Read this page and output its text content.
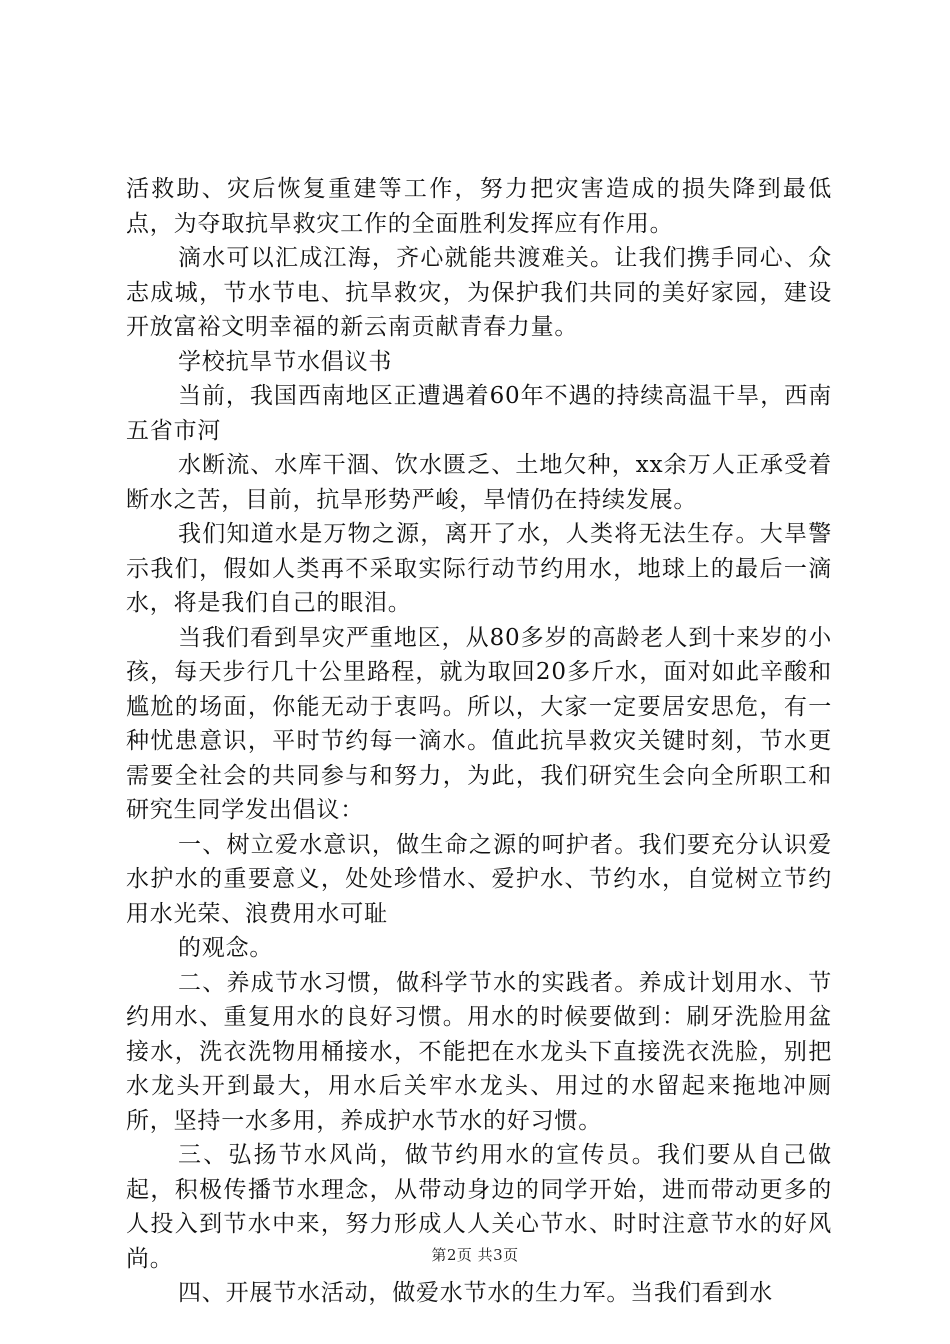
活救助、灾后恢复重建等工作，努力把灾害造成的损失降到最低点，为夺取抗旱救灾工作的全面胜利发挥应有作用。

滴水可以汇成江海，齐心就能共渡难关。让我们携手同心、众志成城，节水节电、抗旱救灾，为保护我们共同的美好家园，建设开放富裕文明幸福的新云南贡献青春力量。

学校抗旱节水倡议书

当前，我国西南地区正遭遇着60年不遇的持续高温干旱，西南五省市河

水断流、水库干涸、饮水匮乏、土地欠种，xx余万人正承受着断水之苦，目前，抗旱形势严峻，旱情仍在持续发展。

我们知道水是万物之源，离开了水，人类将无法生存。大旱警示我们，假如人类再不采取实际行动节约用水，地球上的最后一滴水，将是我们自己的眼泪。

当我们看到旱灾严重地区，从80多岁的高龄老人到十来岁的小孩，每天步行几十公里路程，就为取回20多斤水，面对如此辛酸和尴尬的场面，你能无动于衷吗。所以，大家一定要居安思危，有一种忧患意识，平时节约每一滴水。值此抗旱救灾关键时刻，节水更需要全社会的共同参与和努力，为此，我们研究生会向全所职工和研究生同学发出倡议：

一、树立爱水意识，做生命之源的呵护者。我们要充分认识爱水护水的重要意义，处处珍惜水、爱护水、节约水，自觉树立节约用水光荣、浪费用水可耻

的观念。

二、养成节水习惯，做科学节水的实践者。养成计划用水、节约用水、重复用水的良好习惯。用水的时候要做到：刷牙洗脸用盆接水，洗衣洗物用桶接水，不能把在水龙头下直接洗衣洗脸，别把水龙头开到最大，用水后关牢水龙头、用过的水留起来拖地冲厕所，坚持一水多用，养成护水节水的好习惯。

三、弘扬节水风尚，做节约用水的宣传员。我们要从自己做起，积极传播节水理念，从带动身边的同学开始，进而带动更多的人投入到节水中来，努力形成人人关心节水、时时注意节水的好风尚。

四、开展节水活动，做爱水节水的生力军。当我们看到水

第2页 共3页
